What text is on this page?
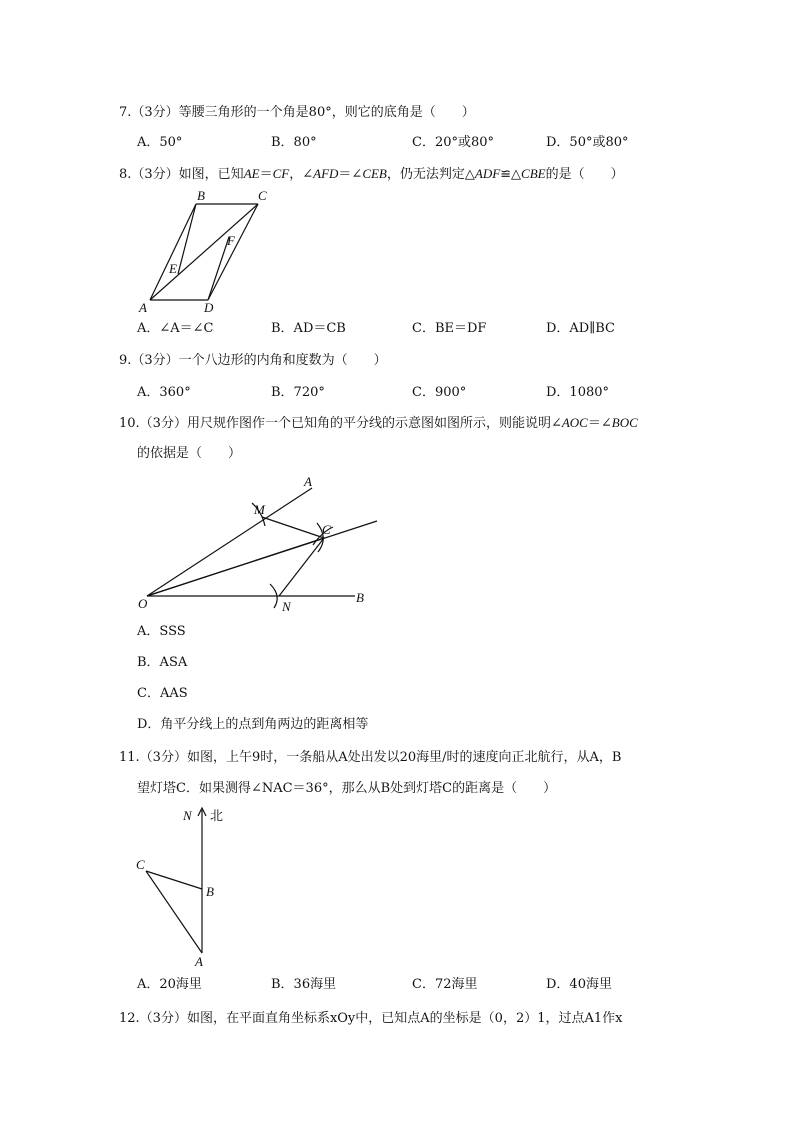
7.（3分）等腰三角形的一个角是80°，则它的底角是（　　）
A．50°	B．80°	C．20°或80°	D．50°或80°
8.（3分）如图，已知AE＝CF，∠AFD＝∠CEB，仍无法判定△ADF≌△CBE的是（　　）
B	C
F
E
A	D
A．∠A＝∠C	B．AD＝CB	C．BE＝DF	D．AD∥BC
9.（3分）一个八边形的内角和度数为（　　）
A．360°	B．720°	C．900°	D．1080°
10.（3分）用尺规作图作一个已知角的平分线的示意图如图所示，则能说明∠AOC＝∠BOC
的依据是（　　）
A
M
C
O	N
B
A．SSS
B．ASA
C．AAS
D．角平分线上的点到角两边的距离相等
11.（3分）如图，上午9时，一条船从A处出发以20海里/时的速度向正北航行，从A，B
望灯塔C．如果测得∠NAC＝36°，那么从B处到灯塔C的距离是（　　）
N 北
C
B
A
A．20海里	B．36海里	C．72海里	D．40海里
12.（3分）如图，在平面直角坐标系xOy中，已知点A的坐标是（0，2）1，过点A1作x
